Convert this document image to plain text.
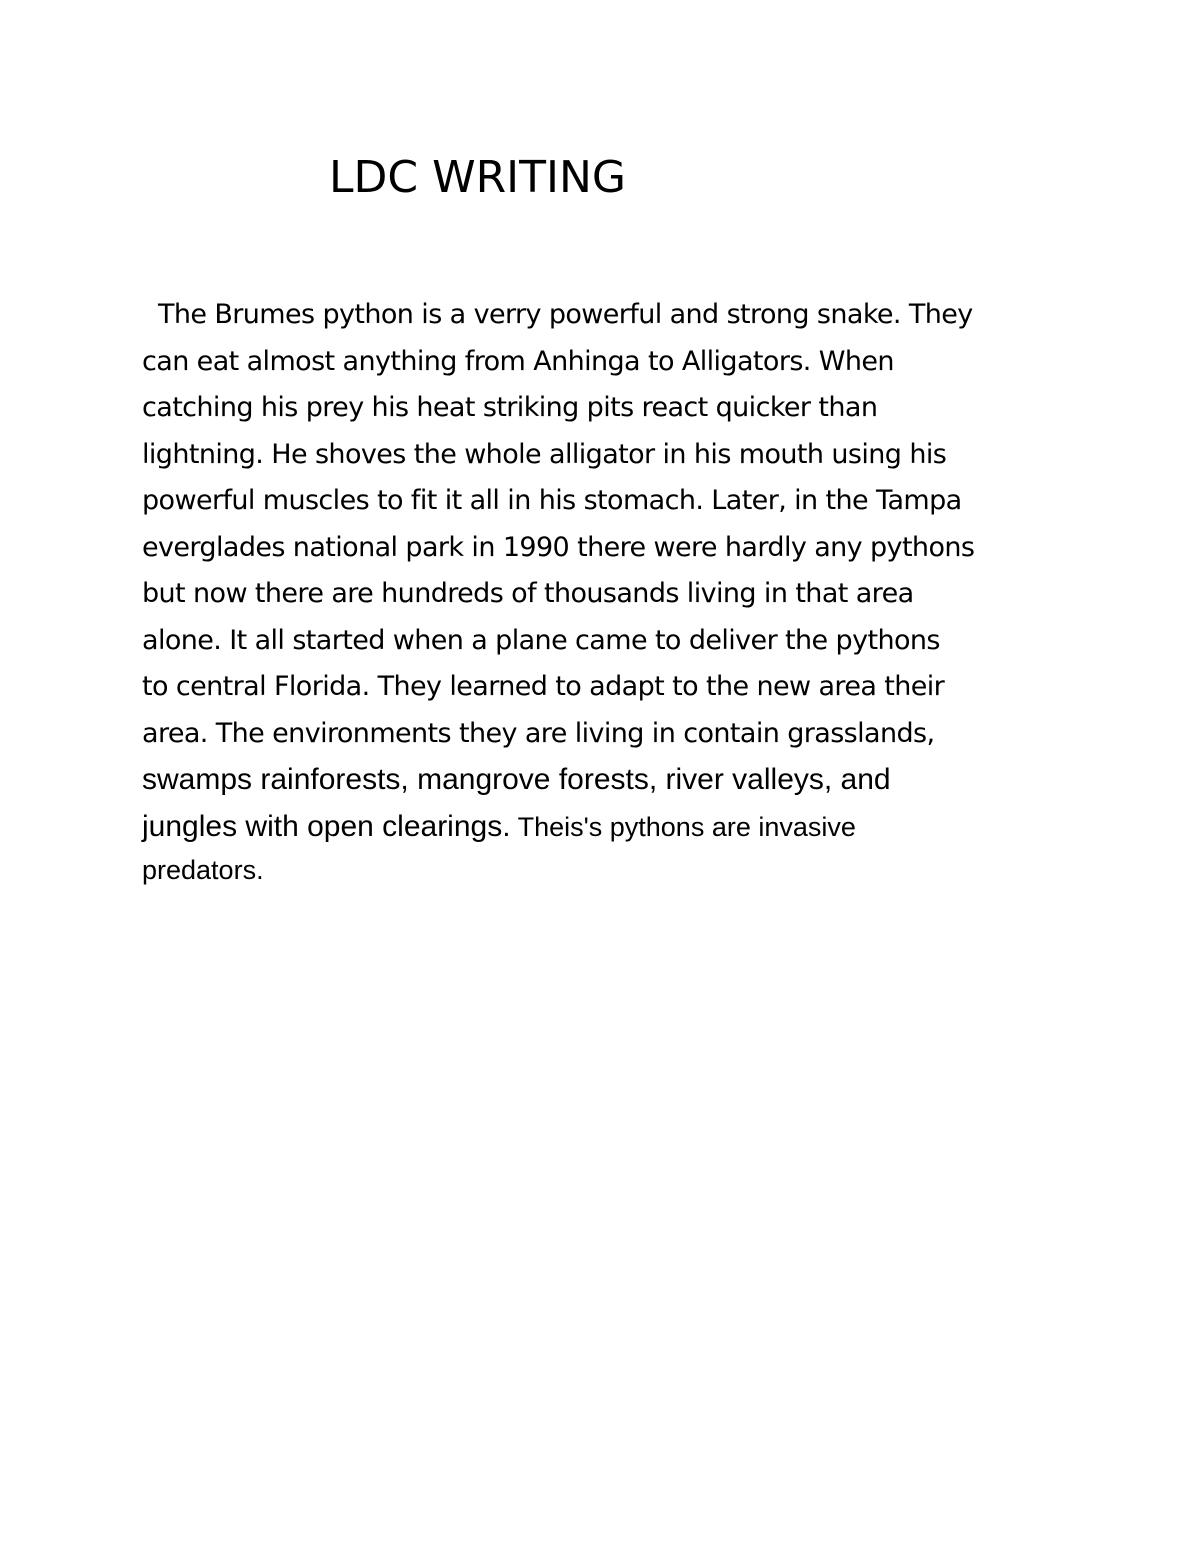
LDC WRITING
The Brumes python is a verry powerful and strong snake. They
can eat almost anything from Anhinga to Alligators. When
catching his prey his heat striking pits react quicker than
lightning. He shoves the whole alligator in his mouth using his
powerful muscles to fit it all in his stomach. Later, in the Tampa
everglades national park in 1990 there were hardly any pythons
but now there are hundreds of thousands living in that area
alone. It all started when a plane came to deliver the pythons
to central Florida. They learned to adapt to the new area their
area. The environments they are living in contain grasslands,
swamps rainforests, mangrove forests, river valleys, and
jungles with open clearings. Theis's pythons are invasive
predators.
